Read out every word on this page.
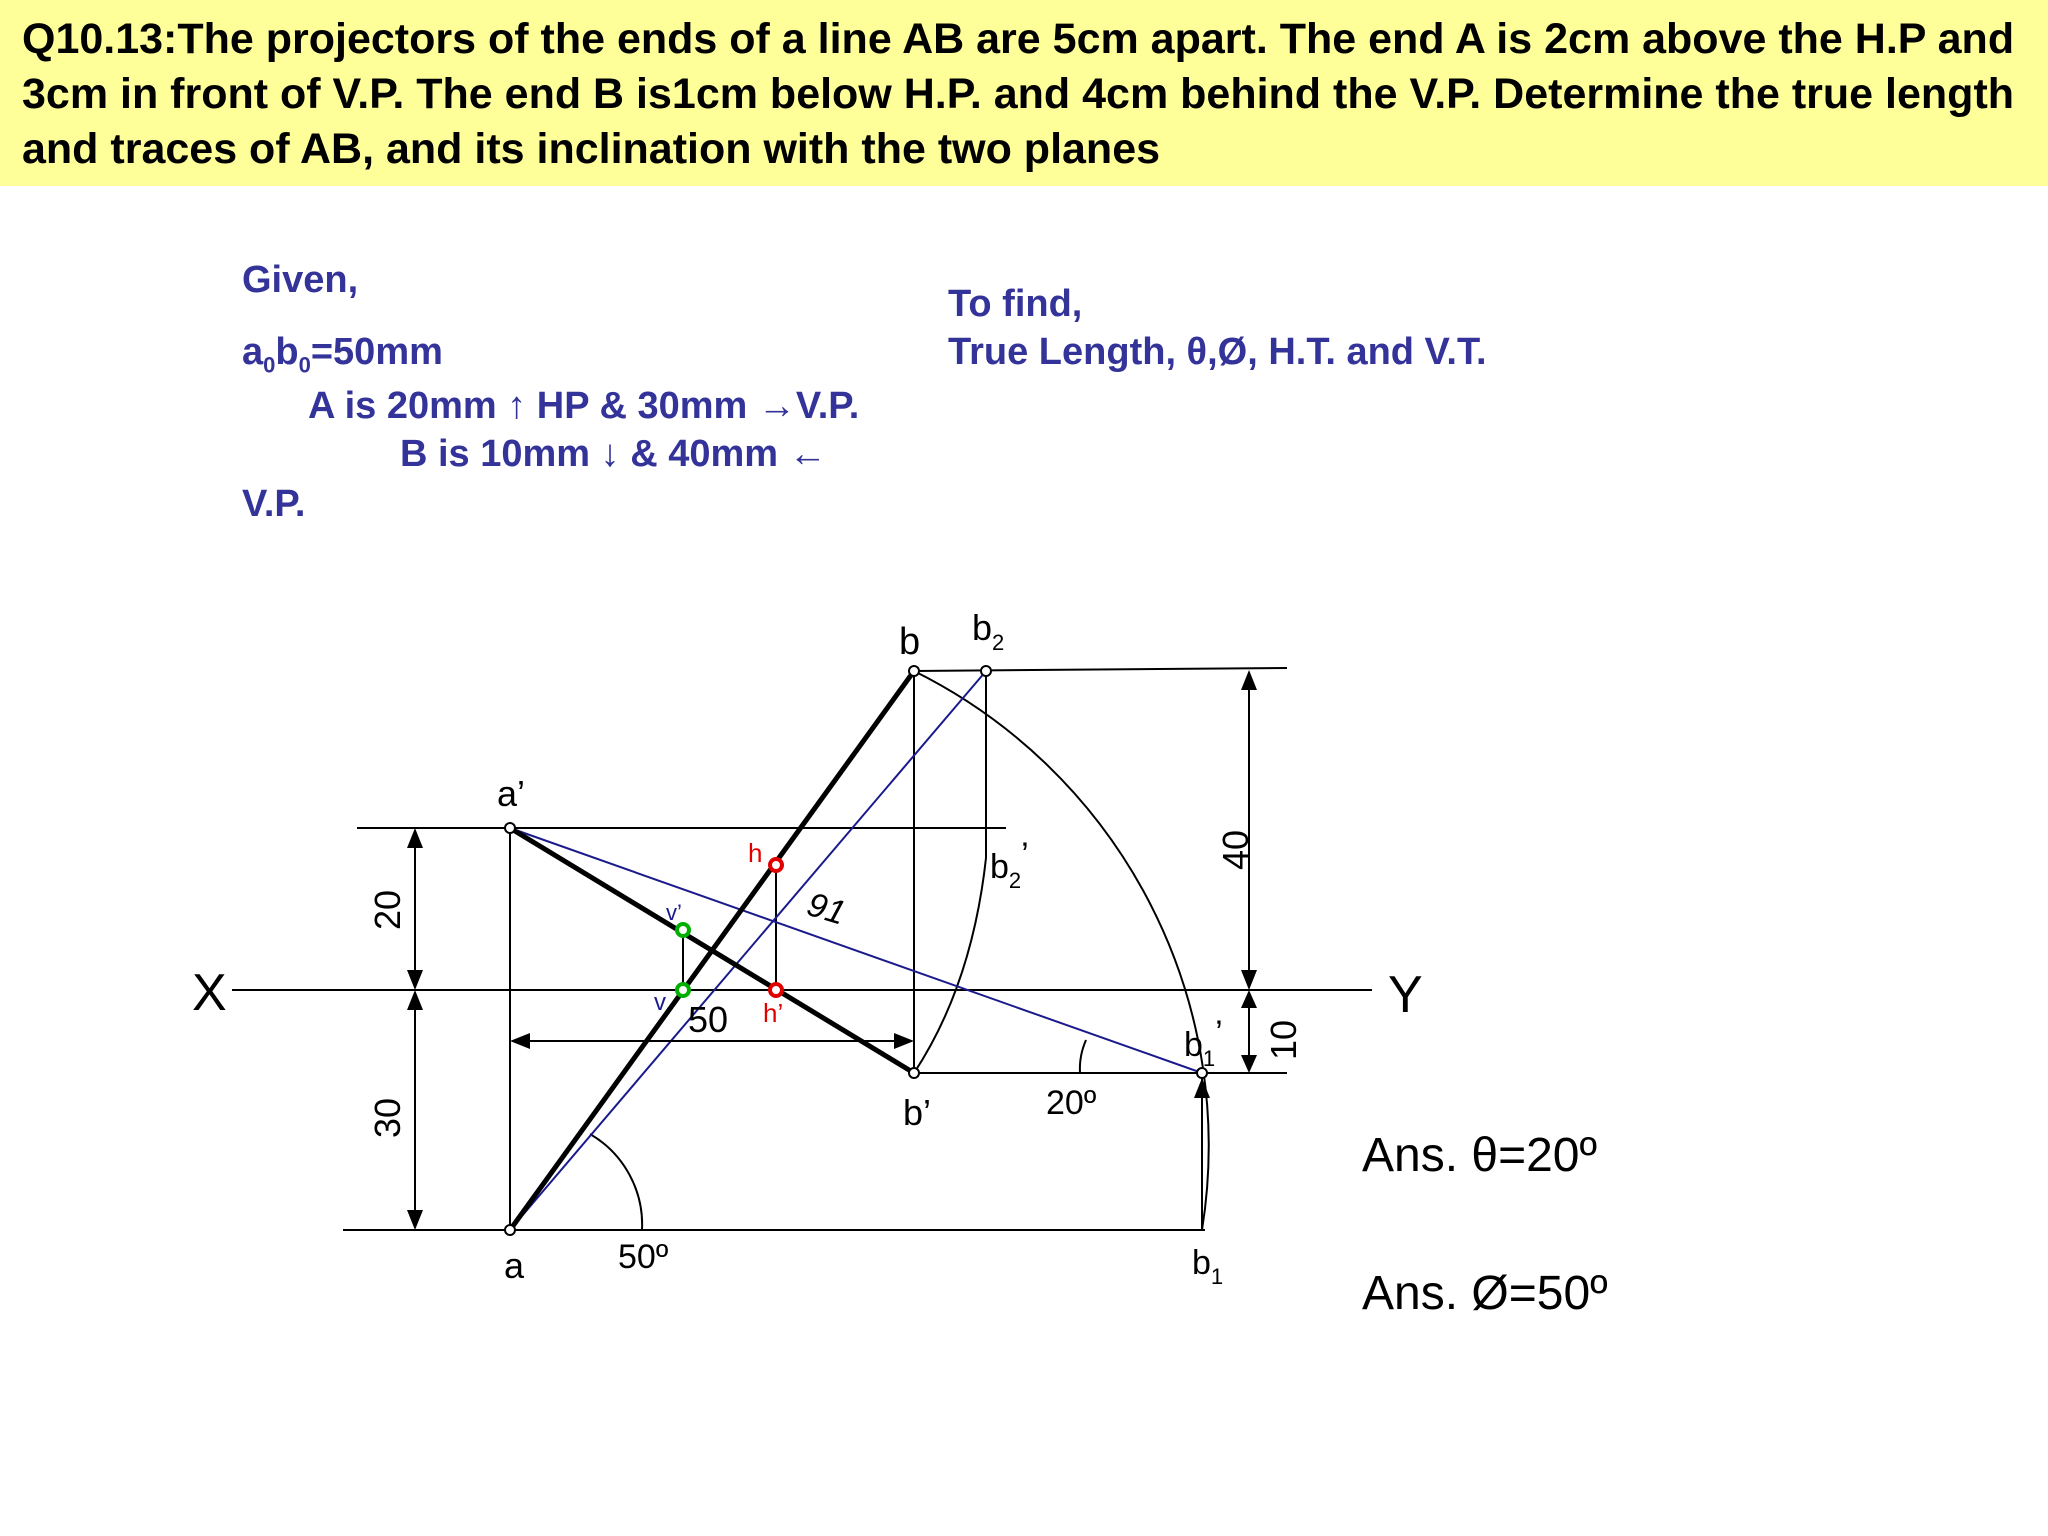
Q10.13:The projectors of the ends of a line AB are 5cm apart. The end A is 2cm above the H.P and 3cm in front of V.P. The end B is1cm below H.P. and 4cm behind the V.P. Determine the true length and traces of AB, and its inclination with the two planes

Given,
$a_0b_0=50mm$
A is 20mm ↑ HP & 30mm →V.P.
B is 10mm ↓ & 40mm ←
V.P.
To find,
True Length, θ,Ø, H.T. and V.T.
X	Y
20
30
40
10
50
a’
a
b $b_2$
b’
$b_2$’
$b_1$
$b_1$’
h
h’
v’
v
91
50º
20º
Ans. θ=20º
Ans. Ø=50º
